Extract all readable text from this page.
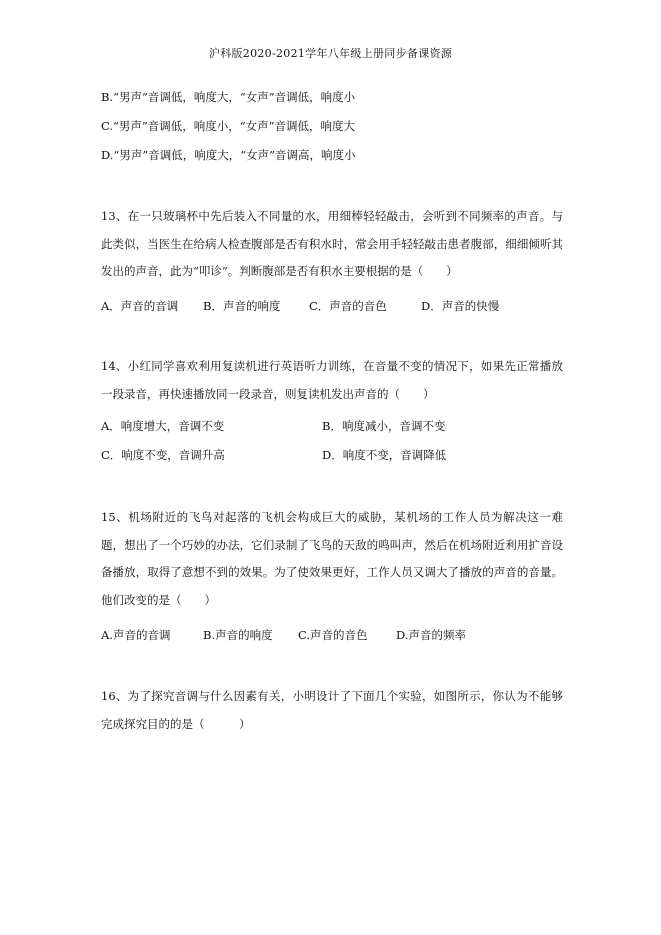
沪科版2020-2021学年八年级上册同步备课资源
B.“男声”音调低，响度大，“女声”音调低，响度小
C.“男声”音调低，响度小，“女声”音调低，响度大
D.“男声”音调低，响度大，“女声”音调高，响度小
13、在一只玻璃杯中先后装入不同量的水，用细棒轻轻敲击，会听到不同频率的声音。与此类似，当医生在给病人检查腹部是否有积水时，常会用手轻轻敲击患者腹部，细细倾听其发出的声音，此为“叩诊”。判断腹部是否有积水主要根据的是（　　）
A．声音的音调 B．声音的响度 C．声音的音色	D．声音的快慢
14、小红同学喜欢利用复读机进行英语听力训练，在音量不变的情况下，如果先正常播放一段录音，再快速播放同一段录音，则复读机发出声音的（　　）
A．响度增大，音调不变	B．响度减小，音调不变
C．响度不变，音调升高	D．响度不变，音调降低
15、机场附近的飞鸟对起落的飞机会构成巨大的威胁，某机场的工作人员为解决这一难题，想出了一个巧妙的办法，它们录制了飞鸟的天敌的鸣叫声，然后在机场附近利用扩音设备播放，取得了意想不到的效果。为了使效果更好，工作人员又调大了播放的声音的音量。他们改变的是（　　）
A.声音的音调	B.声音的响度 C.声音的音色 D.声音的频率
16、为了探究音调与什么因素有关，小明设计了下面几个实验，如图所示，你认为不能够完成探究目的的是（　　　）
